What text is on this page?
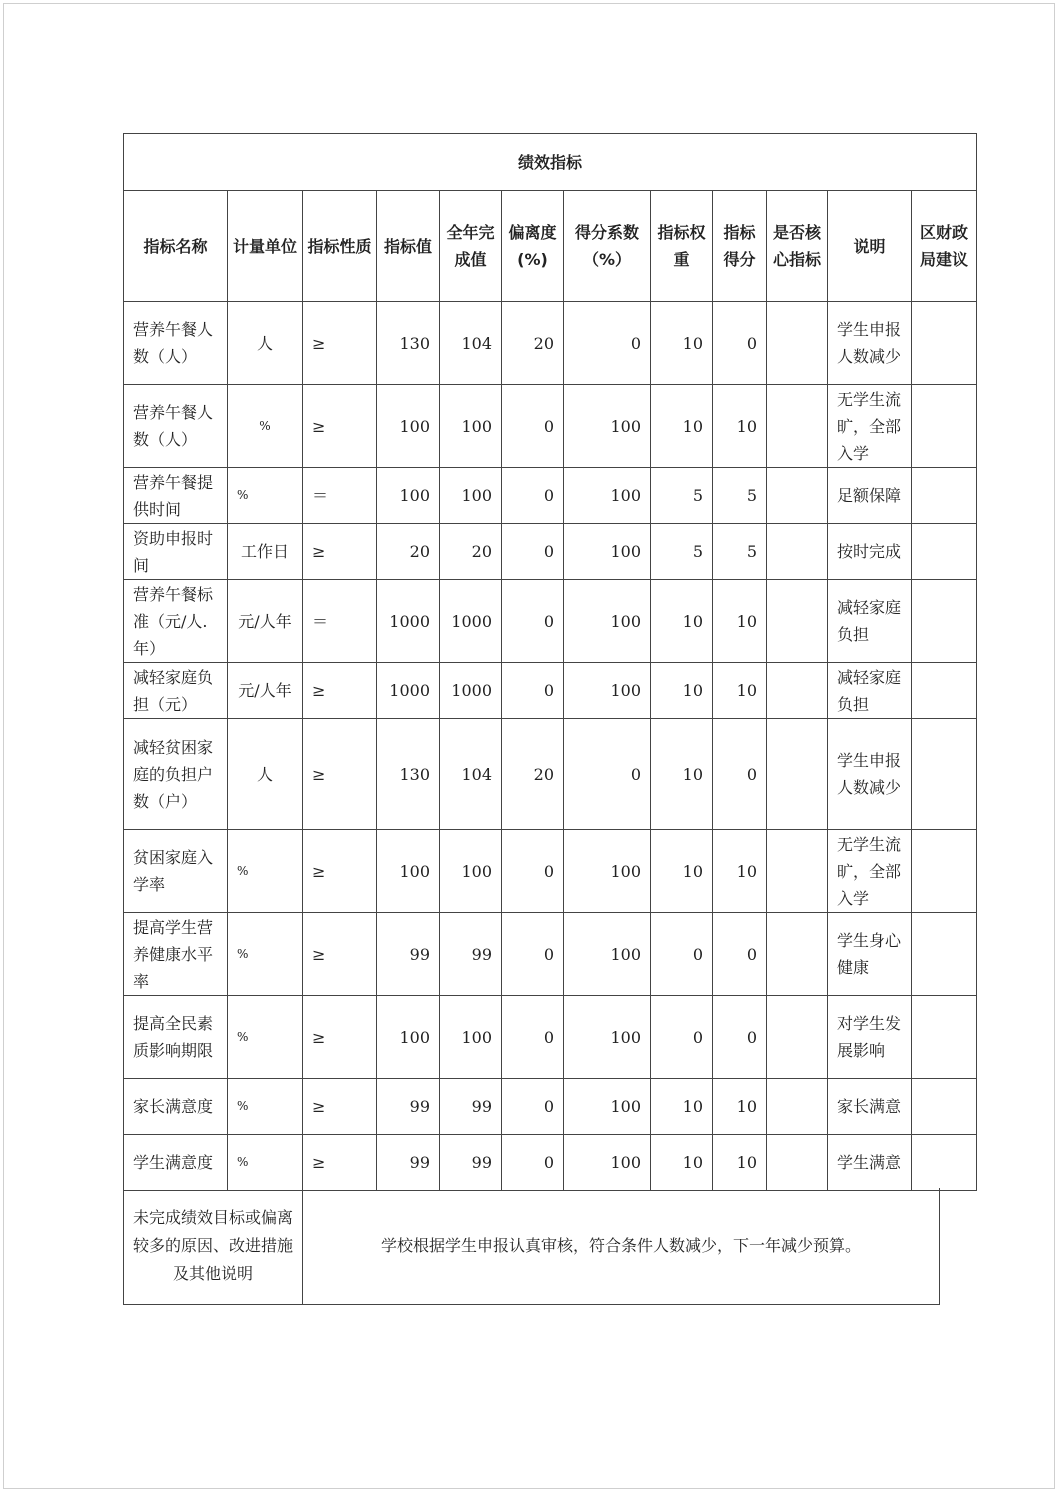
绩效指标											
指标名称	计量单位	指标性质	指标值	全年完成值	偏离度(%)	得分系数（%）	指标权重	指标得分	是否核心指标	说明	区财政局建议
营养午餐人数（人）	人	≥	130	104	20	0	10	0		学生申报人数减少	
营养午餐人数（人）	%	≥	100	100	0	100	10	10		无学生流旷，全部入学	
营养午餐提供时间	%	＝	100	100	0	100	5	5		足额保障	
资助申报时间	工作日	≥	20	20	0	100	5	5		按时完成	
营养午餐标准（元/人.年）	元/人年	＝	1000	1000	0	100	10	10		减轻家庭负担	
减轻家庭负担（元）	元/人年	≥	1000	1000	0	100	10	10		减轻家庭负担	
减轻贫困家庭的负担户数（户）	人	≥	130	104	20	0	10	0		学生申报人数减少	
贫困家庭入学率	%	≥	100	100	0	100	10	10		无学生流旷，全部入学	
提高学生营养健康水平率	%	≥	99	99	0	100	0	0		学生身心健康	
提高全民素质影响期限	%	≥	100	100	0	100	0	0		对学生发展影响	
家长满意度	%	≥	99	99	0	100	10	10		家长满意	
学生满意度	%	≥	99	99	0	100	10	10		学生满意	
未完成绩效目标或偏离较多的原因、改进措施及其他说明	学校根据学生申报认真审核，符合条件人数减少，下一年减少预算。
